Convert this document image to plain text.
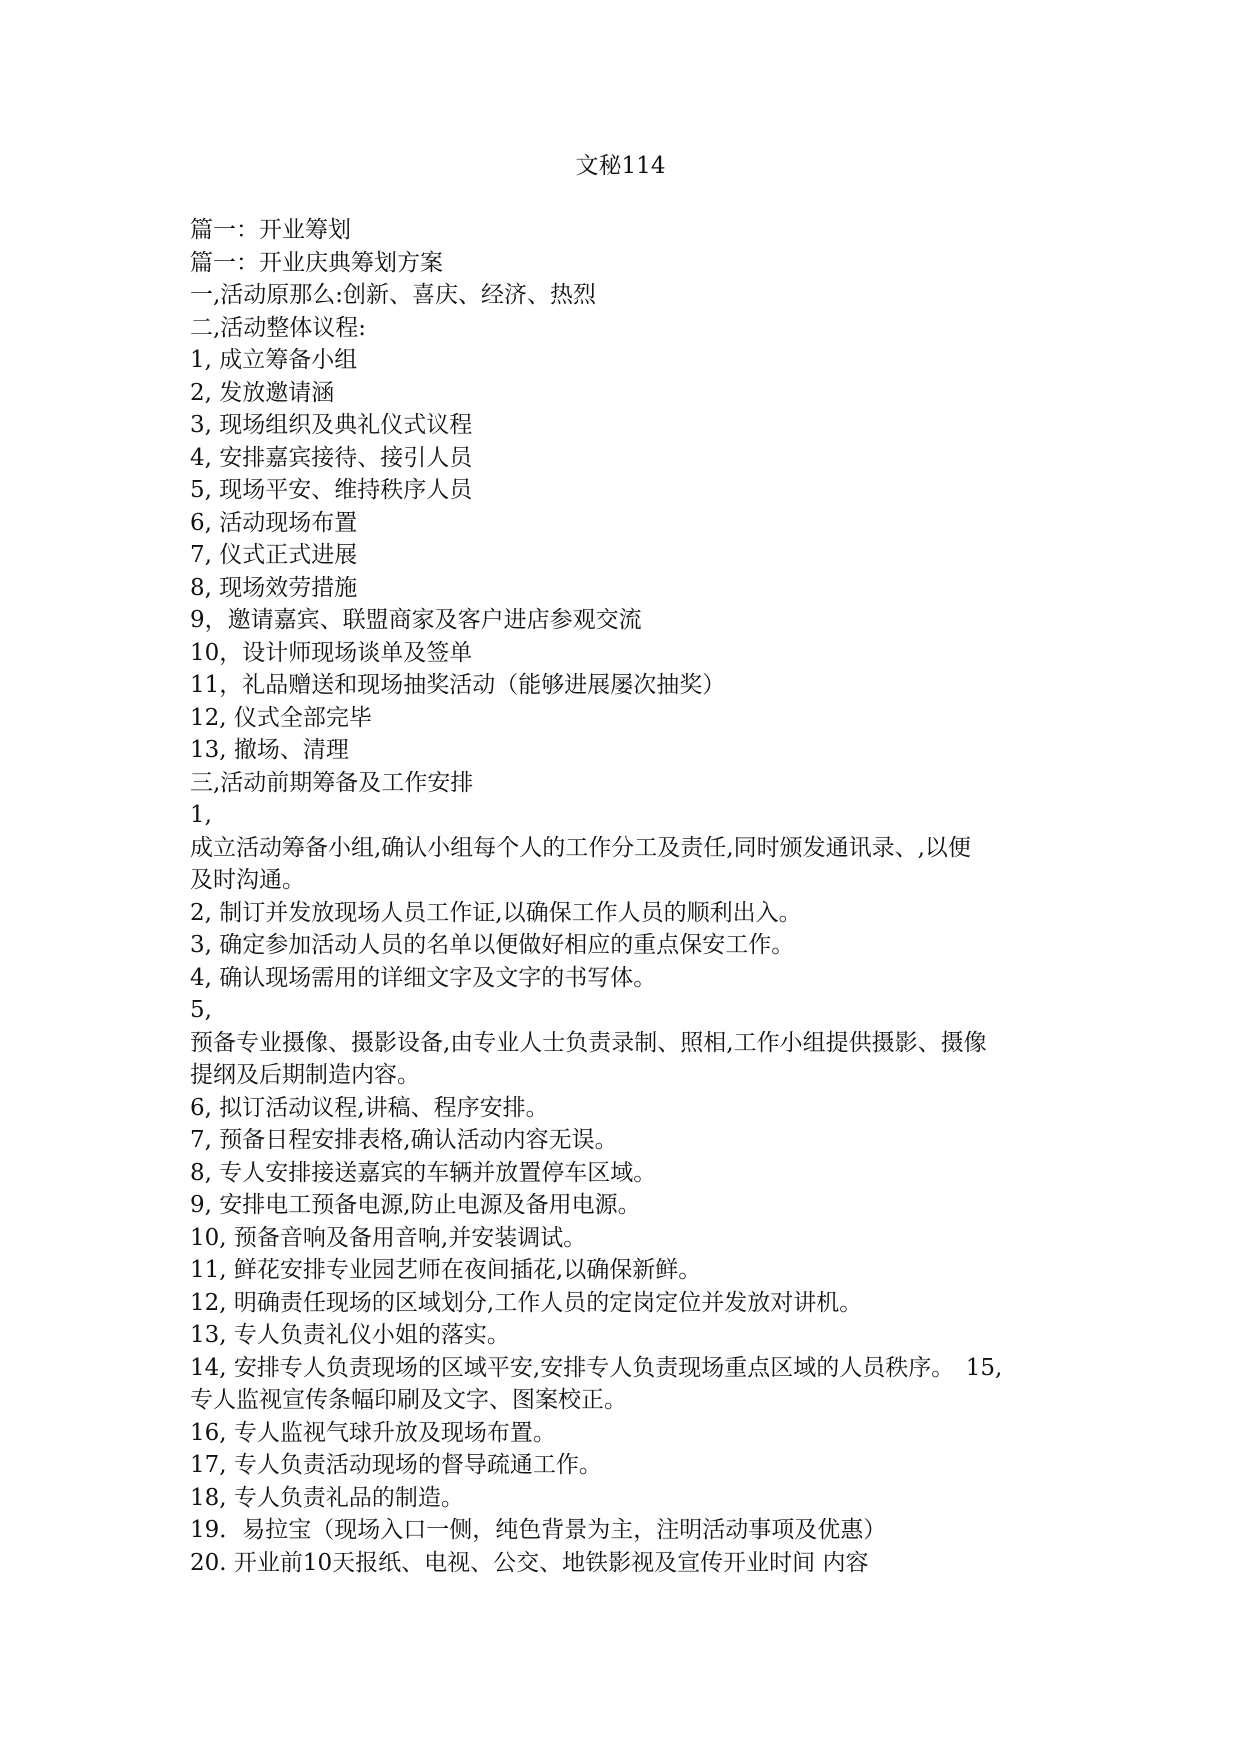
文秘114
篇一：开业筹划
篇一：开业庆典筹划方案
一,活动原那么:创新、喜庆、经济、热烈
二,活动整体议程:
1, 成立筹备小组
2, 发放邀请涵
3, 现场组织及典礼仪式议程
4, 安排嘉宾接待、接引人员
5, 现场平安、维持秩序人员
6, 活动现场布置
7, 仪式正式进展
8, 现场效劳措施
9，邀请嘉宾、联盟商家及客户进店参观交流
10，设计师现场谈单及签单
11，礼品赠送和现场抽奖活动（能够进展屡次抽奖）
12, 仪式全部完毕
13, 撤场、清理
三,活动前期筹备及工作安排
1,
成立活动筹备小组,确认小组每个人的工作分工及责任,同时颁发通讯录、,以便
及时沟通。
2, 制订并发放现场人员工作证,以确保工作人员的顺利出入。
3, 确定参加活动人员的名单以便做好相应的重点保安工作。
4, 确认现场需用的详细文字及文字的书写体。
5,
预备专业摄像、摄影设备,由专业人士负责录制、照相,工作小组提供摄影、摄像
提纲及后期制造内容。
6, 拟订活动议程,讲稿、程序安排。
7, 预备日程安排表格,确认活动内容无误。
8, 专人安排接送嘉宾的车辆并放置停车区域。
9, 安排电工预备电源,防止电源及备用电源。
10, 预备音响及备用音响,并安装调试。
11, 鲜花安排专业园艺师在夜间插花,以确保新鲜。
12, 明确责任现场的区域划分,工作人员的定岗定位并发放对讲机。
13, 专人负责礼仪小姐的落实。
14, 安排专人负责现场的区域平安,安排专人负责现场重点区域的人员秩序。　15,
专人监视宣传条幅印刷及文字、图案校正。
16, 专人监视气球升放及现场布置。
17, 专人负责活动现场的督导疏通工作。
18, 专人负责礼品的制造。
19．易拉宝（现场入口一侧，纯色背景为主，注明活动事项及优惠）
20. 开业前10天报纸、电视、公交、地铁影视及宣传开业时间 内容
